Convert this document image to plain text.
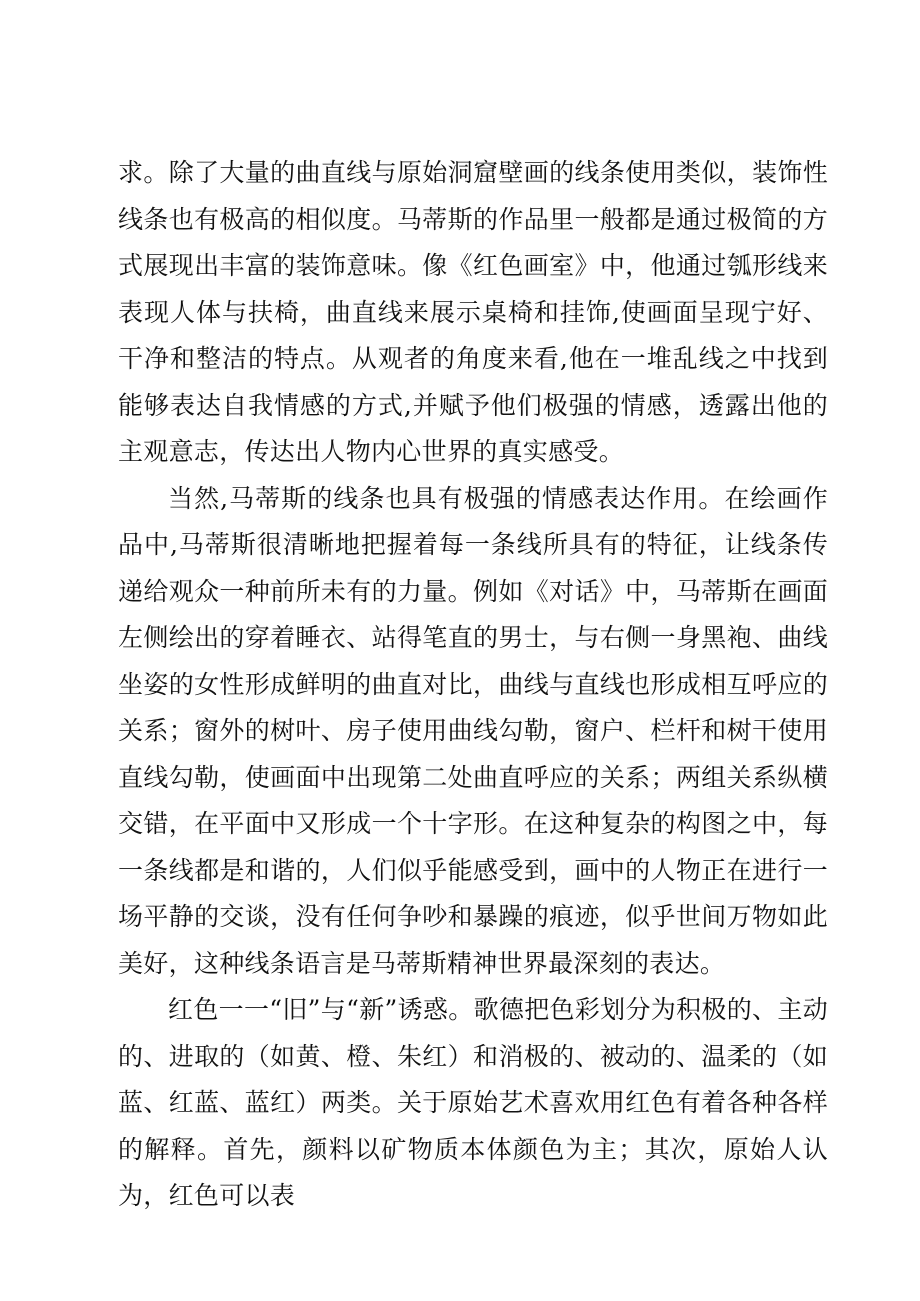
求。除了大量的曲直线与原始洞窟壁画的线条使用类似，装饰性线条也有极高的相似度。马蒂斯的作品里一般都是通过极简的方式展现出丰富的装饰意味。像《红色画室》中，他通过瓠形线来表现人体与扶椅，曲直线来展示桌椅和挂饰,使画面呈现宁好、干净和整洁的特点。从观者的角度来看,他在一堆乱线之中找到能够表达自我情感的方式,并赋予他们极强的情感，透露出他的主观意志，传达出人物内心世界的真实感受。

当然,马蒂斯的线条也具有极强的情感表达作用。在绘画作品中,马蒂斯很清晰地把握着每一条线所具有的特征，让线条传递给观众一种前所未有的力量。例如《对话》中，马蒂斯在画面左侧绘出的穿着睡衣、站得笔直的男士，与右侧一身黑袍、曲线坐姿的女性形成鲜明的曲直对比，曲线与直线也形成相互呼应的关系；窗外的树叶、房子使用曲线勾勒，窗户、栏杆和树干使用直线勾勒，使画面中出现第二处曲直呼应的关系；两组关系纵横交错，在平面中又形成一个十字形。在这种复杂的构图之中，每一条线都是和谐的，人们似乎能感受到，画中的人物正在进行一场平静的交谈，没有任何争吵和暴躁的痕迹，似乎世间万物如此美好，这种线条语言是马蒂斯精神世界最深刻的表达。

红色一一“旧”与“新”诱惑。歌德把色彩划分为积极的、主动的、进取的（如黄、橙、朱红）和消极的、被动的、温柔的（如蓝、红蓝、蓝红）两类。关于原始艺术喜欢用红色有着各种各样的解释。首先，颜料以矿物质本体颜色为主；其次，原始人认为，红色可以表
